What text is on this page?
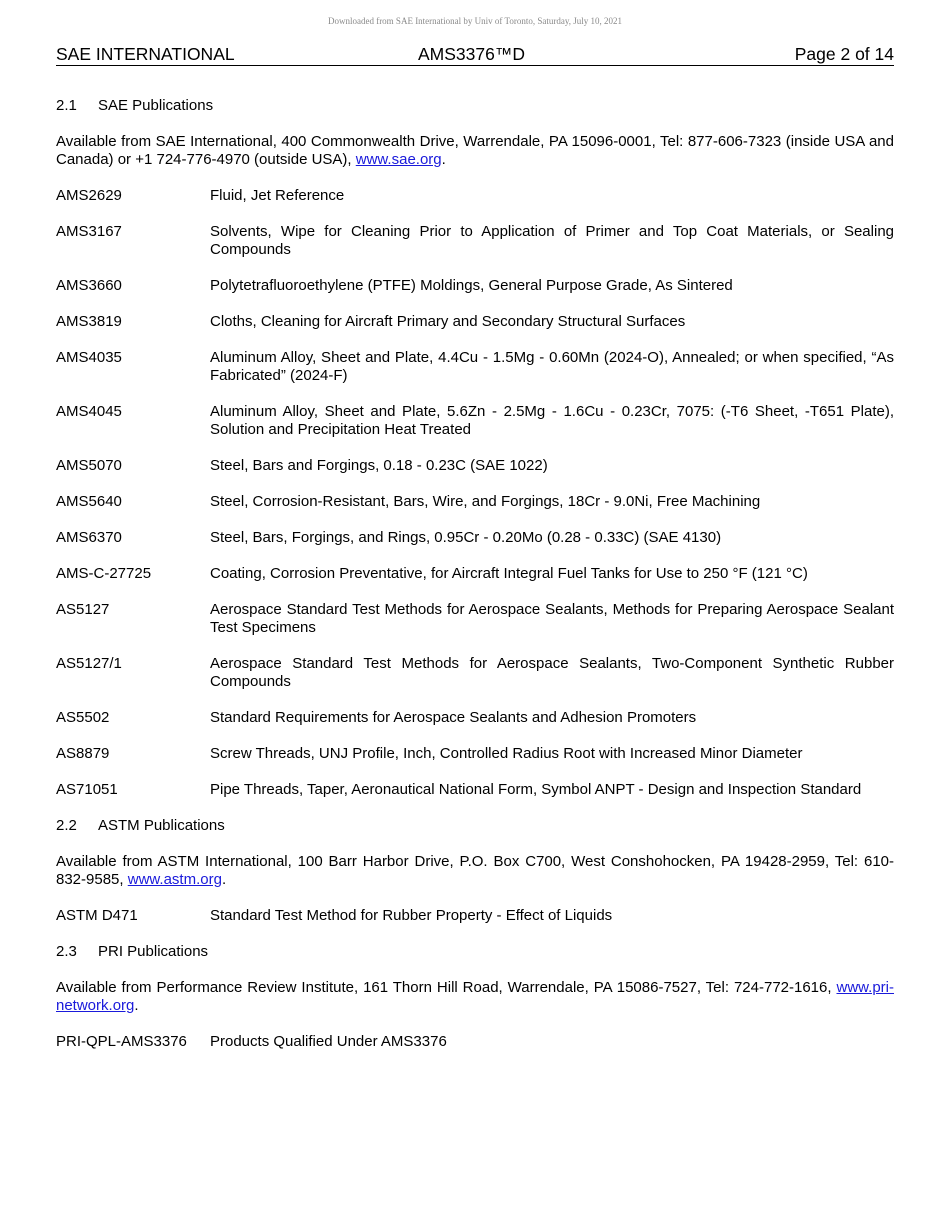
Downloaded from SAE International by Univ of Toronto, Saturday, July 10, 2021
SAE INTERNATIONAL	AMS3376™D	Page 2 of 14
2.1 SAE Publications

Available from SAE International, 400 Commonwealth Drive, Warrendale, PA 15096-0001, Tel: 877-606-7323 (inside USA and Canada) or +1 724-776-4970 (outside USA), www.sae.org.

AMS2629	Fluid, Jet Reference
AMS3167	Solvents, Wipe for Cleaning Prior to Application of Primer and Top Coat Materials, or Sealing Compounds
AMS3660	Polytetrafluoroethylene (PTFE) Moldings, General Purpose Grade, As Sintered
AMS3819	Cloths, Cleaning for Aircraft Primary and Secondary Structural Surfaces
AMS4035	Aluminum Alloy, Sheet and Plate, 4.4Cu - 1.5Mg - 0.60Mn (2024-O), Annealed; or when specified, “As Fabricated” (2024-F)
AMS4045	Aluminum Alloy, Sheet and Plate, 5.6Zn - 2.5Mg - 1.6Cu - 0.23Cr, 7075: (-T6 Sheet, -T651 Plate), Solution and Precipitation Heat Treated
AMS5070	Steel, Bars and Forgings, 0.18 - 0.23C (SAE 1022)
AMS5640	Steel, Corrosion-Resistant, Bars, Wire, and Forgings, 18Cr - 9.0Ni, Free Machining
AMS6370	Steel, Bars, Forgings, and Rings, 0.95Cr - 0.20Mo (0.28 - 0.33C) (SAE 4130)
AMS-C-27725	Coating, Corrosion Preventative, for Aircraft Integral Fuel Tanks for Use to 250 °F (121 °C)
AS5127	Aerospace Standard Test Methods for Aerospace Sealants, Methods for Preparing Aerospace Sealant Test Specimens
AS5127/1	Aerospace Standard Test Methods for Aerospace Sealants, Two-Component Synthetic Rubber Compounds
AS5502	Standard Requirements for Aerospace Sealants and Adhesion Promoters
AS8879	Screw Threads, UNJ Profile, Inch, Controlled Radius Root with Increased Minor Diameter
AS71051	Pipe Threads, Taper, Aeronautical National Form, Symbol ANPT - Design and Inspection Standard
2.2 ASTM Publications

Available from ASTM International, 100 Barr Harbor Drive, P.O. Box C700, West Conshohocken, PA 19428-2959, Tel: 610-832-9585, www.astm.org.

ASTM D471	Standard Test Method for Rubber Property - Effect of Liquids
2.3 PRI Publications

Available from Performance Review Institute, 161 Thorn Hill Road, Warrendale, PA 15086-7527, Tel: 724-772-1616, www.pri-network.org.

PRI-QPL-AMS3376	Products Qualified Under AMS3376
